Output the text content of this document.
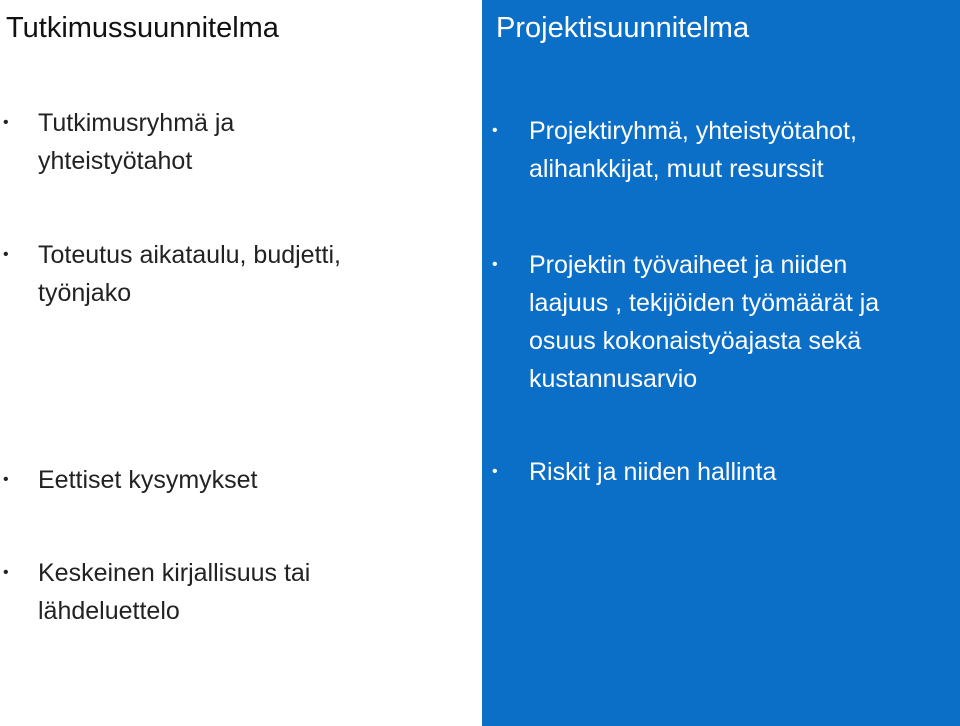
Tutkimussuunnitelma
• Tutkimusryhmä ja
yhteistyötahot
• Toteutus aikataulu, budjetti,
työnjako
• Eettiset kysymykset
• Keskeinen kirjallisuus tai
lähdeluettelo
Projektisuunnitelma
• Projektiryhmä, yhteistyötahot,
alihankkijat, muut resurssit
• Projektin työvaiheet ja niiden
laajuus , tekijöiden työmäärät ja
osuus kokonaistyöajasta sekä
kustannusarvio
• Riskit ja niiden hallinta
